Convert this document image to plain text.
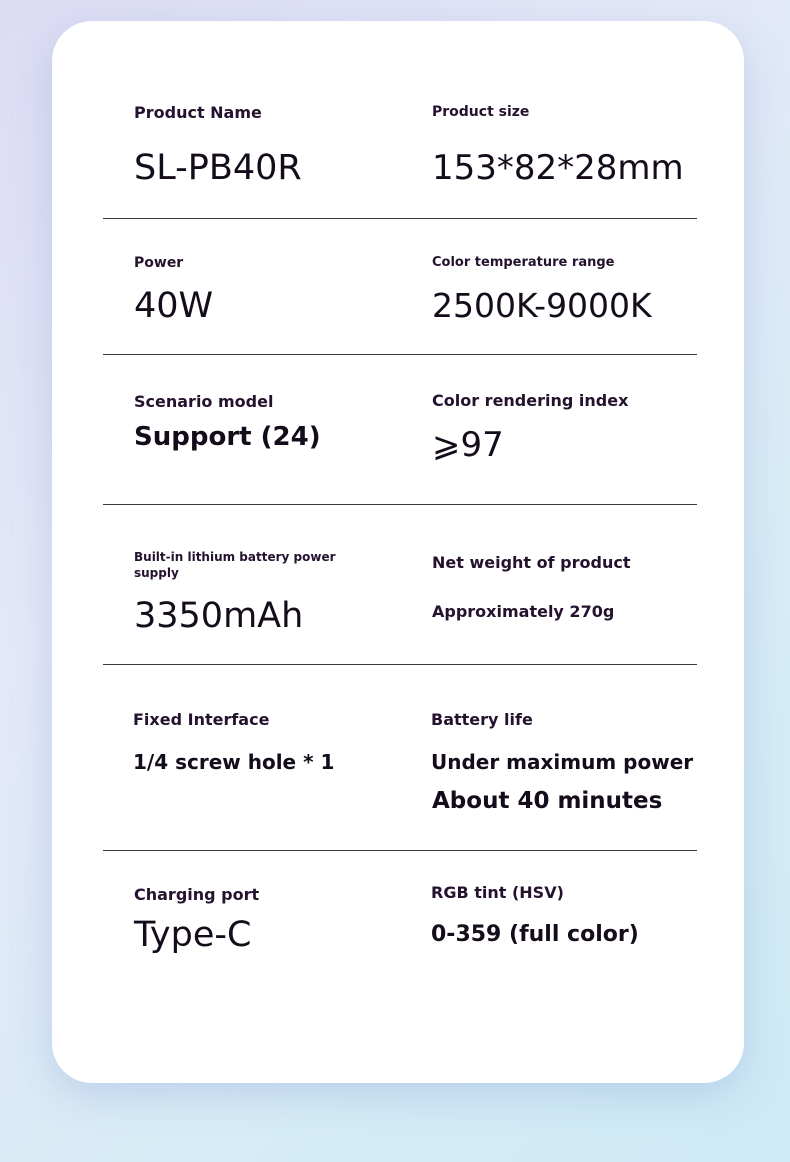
Product Name
SL-PB40R
Product size
153*82*28mm
Power
40W
Color temperature range
2500K-9000K
Scenario model
Support (24)
Color rendering index
⩾97
Built-in lithium battery power
supply
3350mAh
Net weight of product
Approximately 270g
Fixed Interface
1/4 screw hole * 1
Battery life
Under maximum power
About 40 minutes
Charging port
Type-C
RGB tint (HSV)
0-359 (full color)
